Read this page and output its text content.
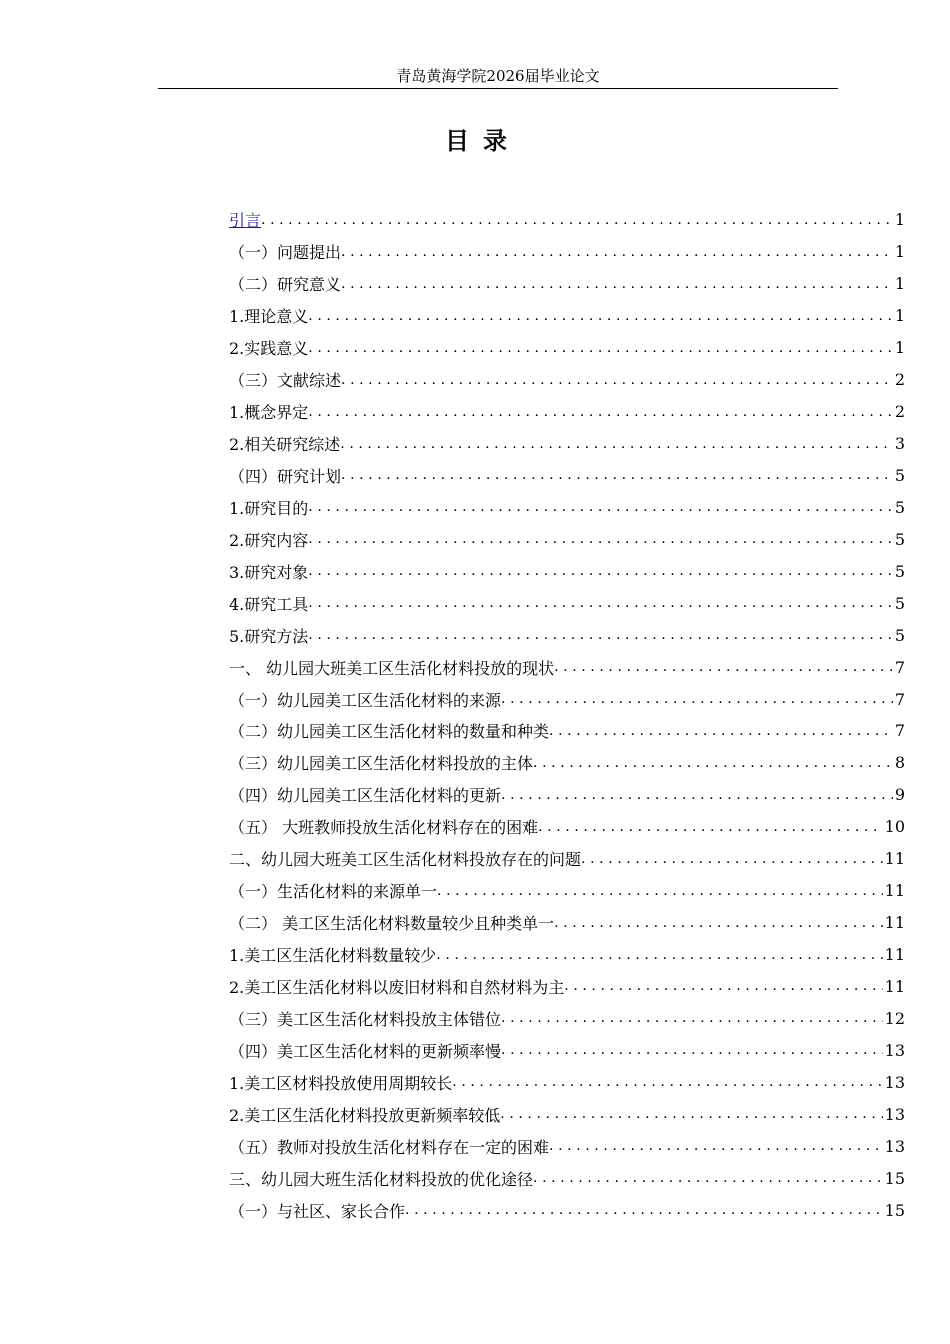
青岛黄海学院2026届毕业论文
目录
引言 .....	1
（一）问题提出 .....	1
（二）研究意义 .....	1
1.理论意义 .....	1
2.实践意义 .....	1
（三）文献综述 .....	2
1.概念界定 .....	2
2.相关研究综述 .....	3
（四）研究计划 .....	5
1.研究目的 .....	5
2.研究内容 .....	5
3.研究对象 .....	5
4.研究工具 .....	5
5.研究方法 .....	5
一、 幼儿园大班美工区生活化材料投放的现状 .....	7
（一）幼儿园美工区生活化材料的来源 .....	7
（二）幼儿园美工区生活化材料的数量和种类 .....	7
（三）幼儿园美工区生活化材料投放的主体 .....	8
（四）幼儿园美工区生活化材料的更新 .....	9
（五） 大班教师投放生活化材料存在的困难 .....	10
二、幼儿园大班美工区生活化材料投放存在的问题 .....	11
（一）生活化材料的来源单一 .....	11
（二） 美工区生活化材料数量较少且种类单一 .....	11
1.美工区生活化材料数量较少 .....	11
2.美工区生活化材料以废旧材料和自然材料为主 .....	11
（三）美工区生活化材料投放主体错位 .....	12
（四）美工区生活化材料的更新频率慢 .....	13
1.美工区材料投放使用周期较长 .....	13
2.美工区生活化材料投放更新频率较低 .....	13
（五）教师对投放生活化材料存在一定的困难 .....	13
三、幼儿园大班生活化材料投放的优化途径 .....	15
（一）与社区、家长合作 .....	15
